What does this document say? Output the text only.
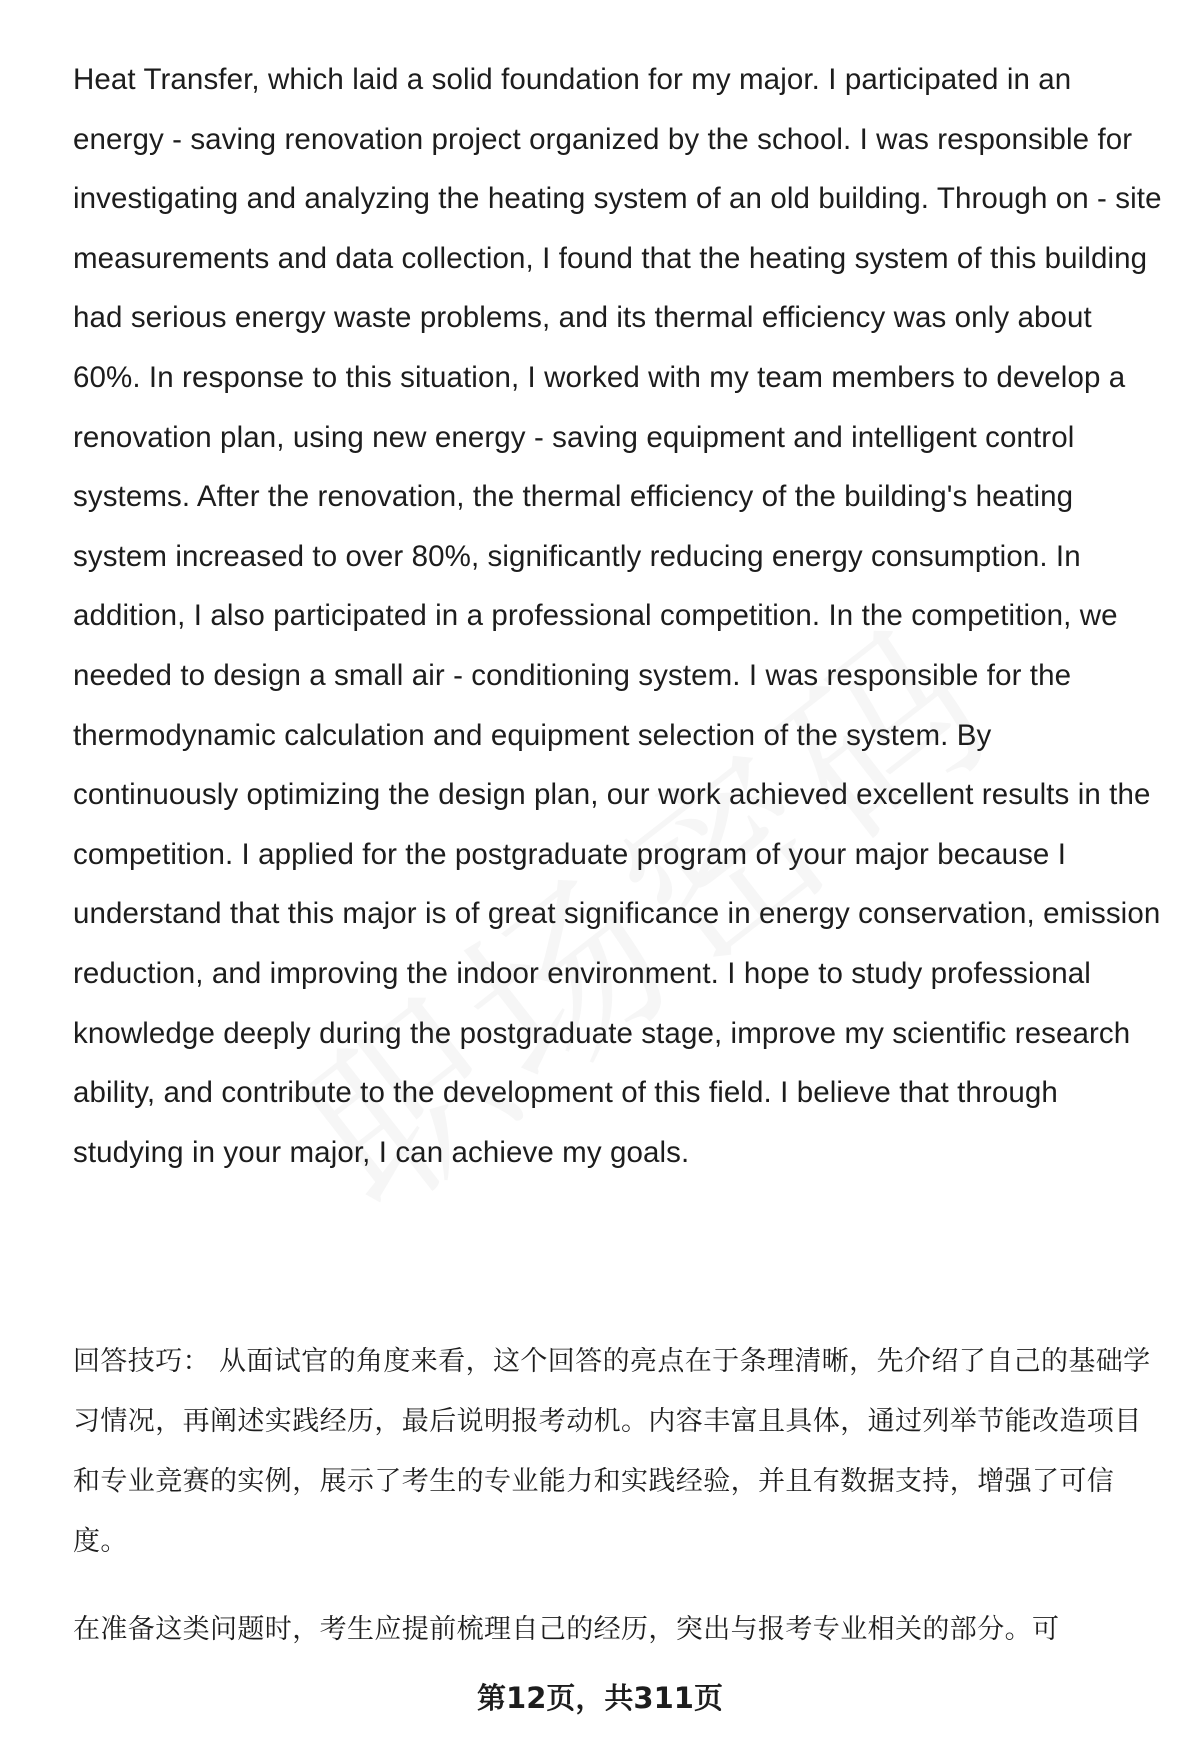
Heat Transfer, which laid a solid foundation for my major. I participated in an energy - saving renovation project organized by the school. I was responsible for investigating and analyzing the heating system of an old building. Through on - site measurements and data collection, I found that the heating system of this building had serious energy waste problems, and its thermal efficiency was only about 60%. In response to this situation, I worked with my team members to develop a renovation plan, using new energy - saving equipment and intelligent control systems. After the renovation, the thermal efficiency of the building's heating system increased to over 80%, significantly reducing energy consumption. In addition, I also participated in a professional competition. In the competition, we needed to design a small air - conditioning system. I was responsible for the thermodynamic calculation and equipment selection of the system. By continuously optimizing the design plan, our work achieved excellent results in the competition. I applied for the postgraduate program of your major because I understand that this major is of great significance in energy conservation, emission reduction, and improving the indoor environment. I hope to study professional knowledge deeply during the postgraduate stage, improve my scientific research ability, and contribute to the development of this field. I believe that through studying in your major, I can achieve my goals.

回答技巧： 从面试官的角度来看，这个回答的亮点在于条理清晰，先介绍了自己的基础学习情况，再阐述实践经历，最后说明报考动机。内容丰富且具体，通过列举节能改造项目和专业竞赛的实例，展示了考生的专业能力和实践经验，并且有数据支持，增强了可信度。

在准备这类问题时，考生应提前梳理自己的经历，突出与报考专业相关的部分。可

第12页，共311页
